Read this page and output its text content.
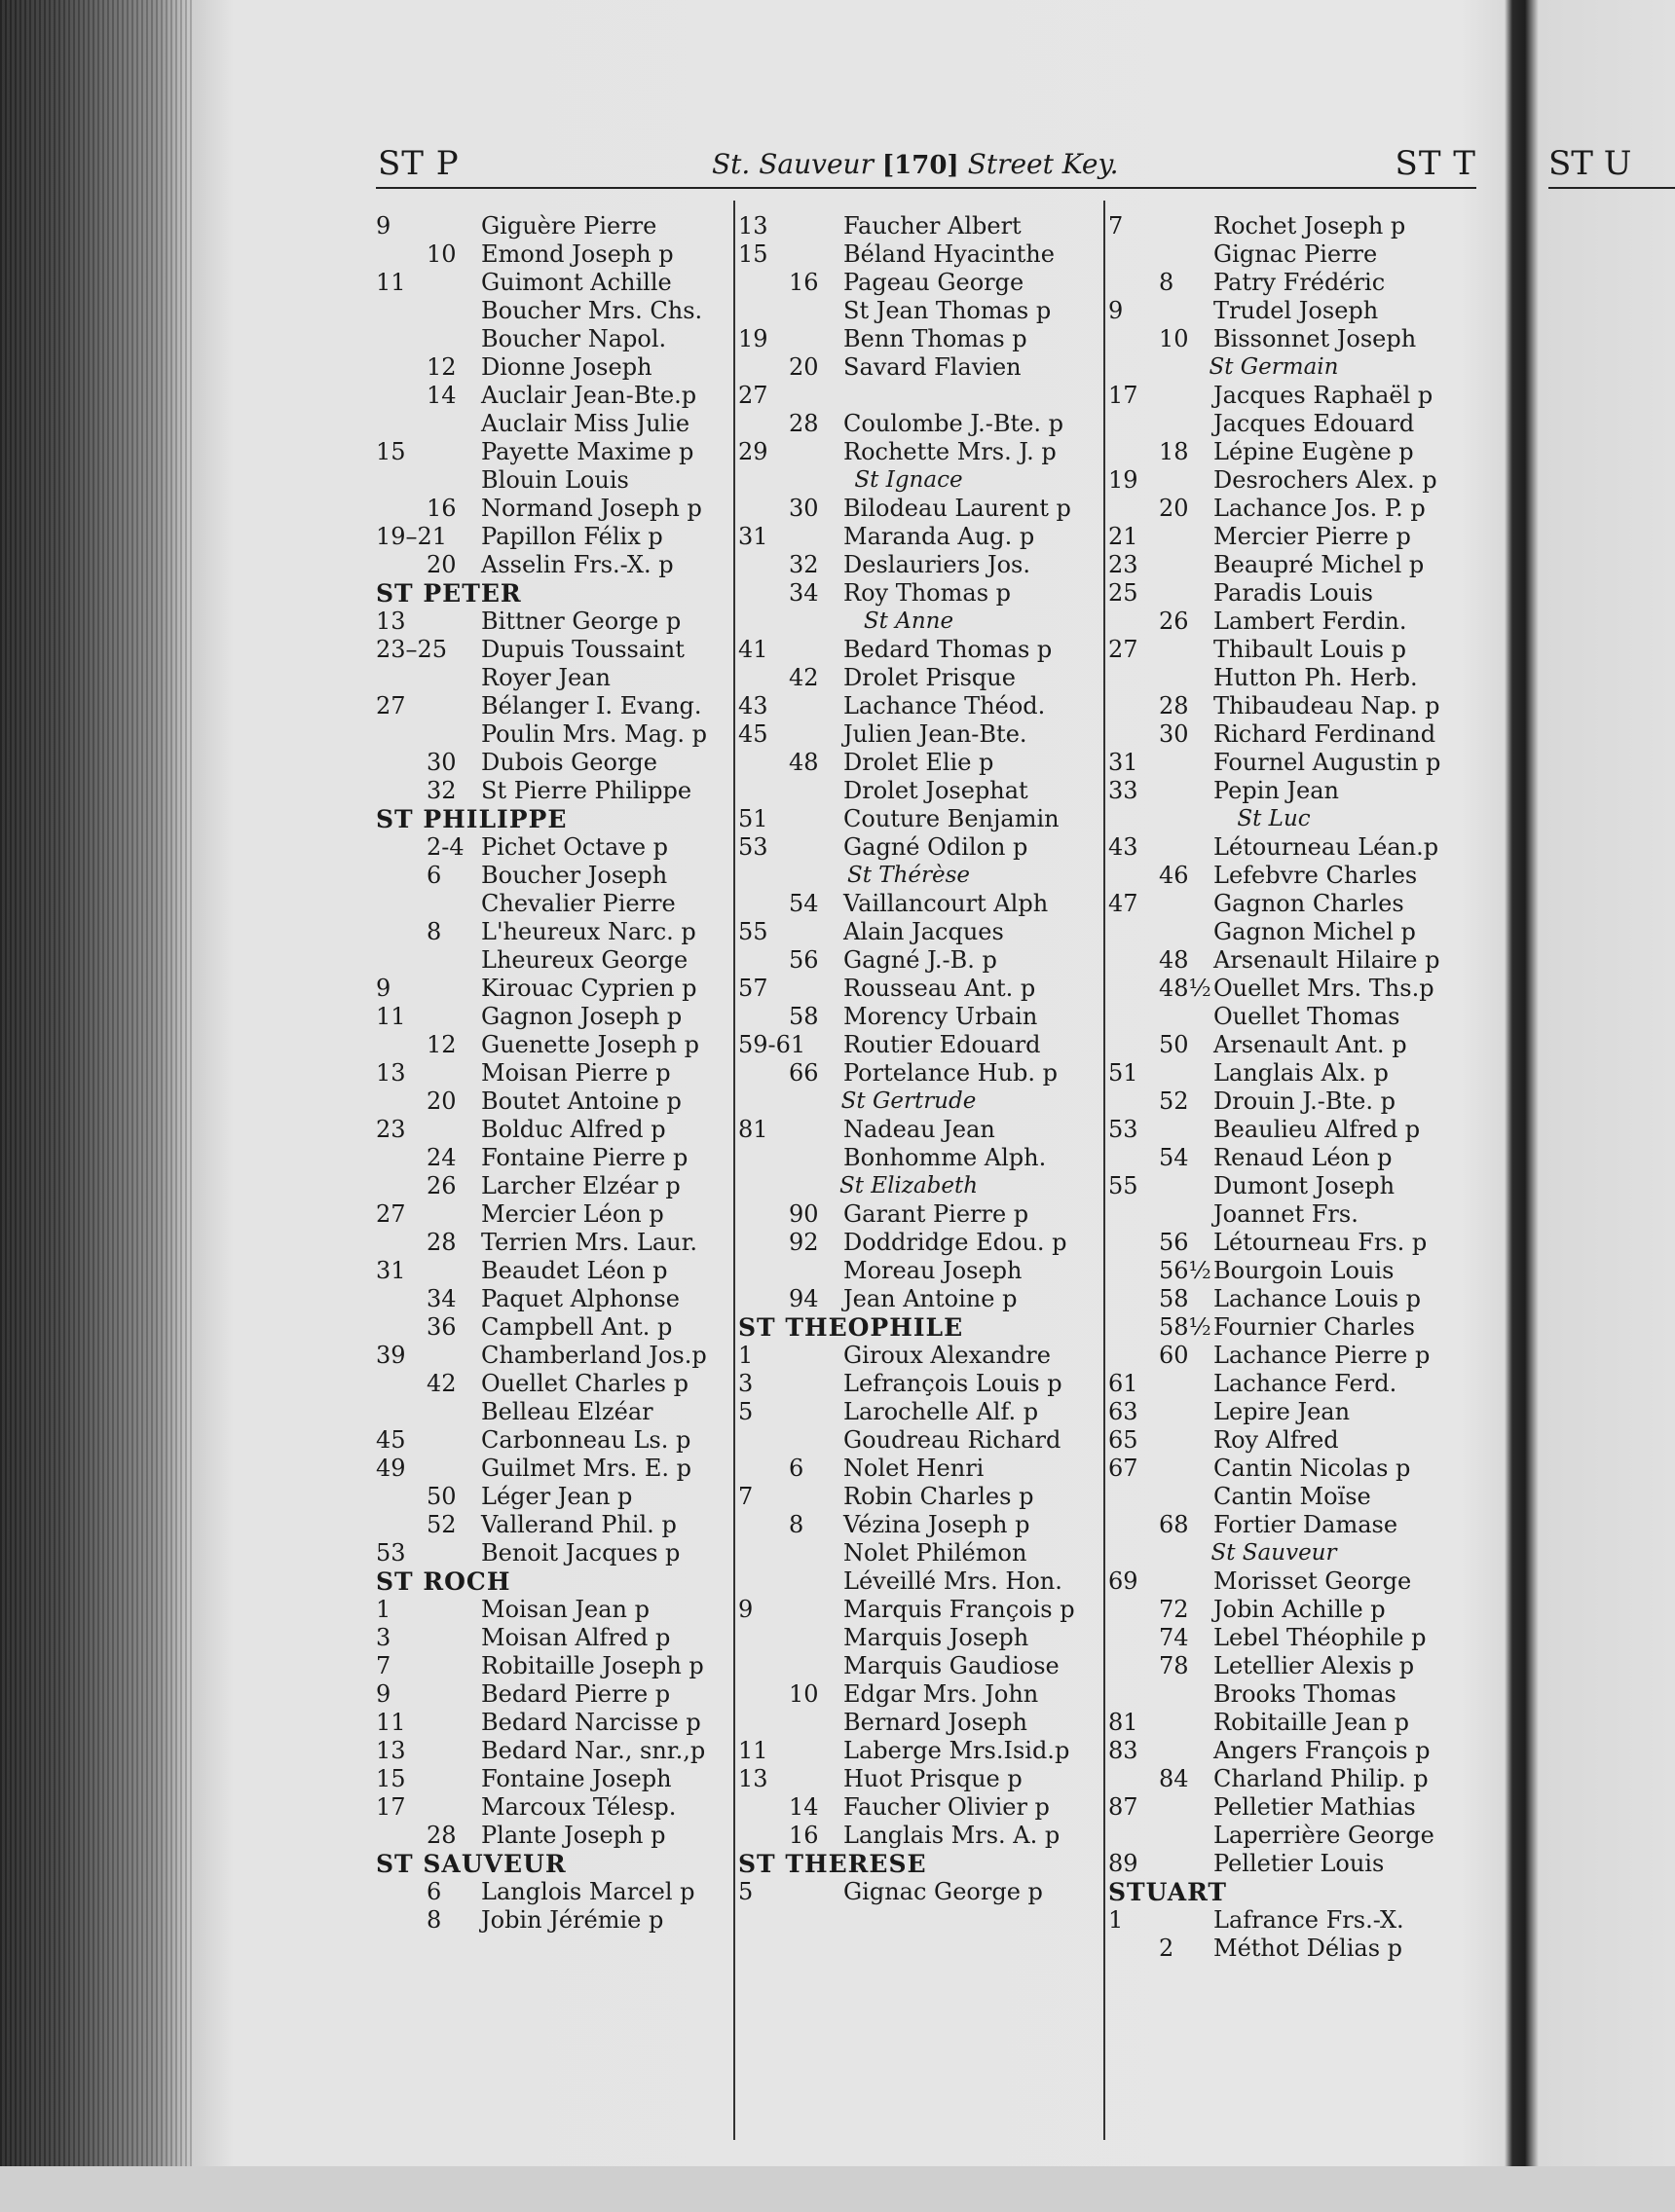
ST P	St. Sauveur [170] Street Key.	ST T
9	Giguère Pierre
10 Emond Joseph p
11	Guimont Achille
Boucher Mrs. Chs.
Boucher Napol.
12 Dionne Joseph
14 Auclair Jean-Bte.p
Auclair Miss Julie
15	Payette Maxime p
Blouin Louis
16 Normand Joseph p
19–21 Papillon Félix p
20 Asselin Frs.-X. p
ST PETER
13	Bittner George p
23–25 Dupuis Toussaint
Royer Jean
27	Bélanger I. Evang.
Poulin Mrs. Mag. p
30 Dubois George
32 St Pierre Philippe
ST PHILIPPE
2-4 Pichet Octave p
6 Boucher Joseph
Chevalier Pierre
8 L'heureux Narc. p
Lheureux George
9	Kirouac Cyprien p
11	Gagnon Joseph p
12 Guenette Joseph p
13	Moisan Pierre p
20 Boutet Antoine p
23	Bolduc Alfred p
24 Fontaine Pierre p
26 Larcher Elzéar p
27	Mercier Léon p
28 Terrien Mrs. Laur.
31	Beaudet Léon p
34 Paquet Alphonse
36 Campbell Ant. p
39	Chamberland Jos.p
42 Ouellet Charles p
Belleau Elzéar
45	Carbonneau Ls. p
49	Guilmet Mrs. E. p
50 Léger Jean p
52 Vallerand Phil. p
53	Benoit Jacques p
ST ROCH
1	Moisan Jean p
3	Moisan Alfred p
7	Robitaille Joseph p
9	Bedard Pierre p
11	Bedard Narcisse p
13	Bedard Nar., snr.,p
15	Fontaine Joseph
17	Marcoux Télesp.
28 Plante Joseph p
ST SAUVEUR
6 Langlois Marcel p
8 Jobin Jérémie p
13	Faucher Albert
15	Béland Hyacinthe
16 Pageau George
St Jean Thomas p
19	Benn Thomas p
20 Savard Flavien
27
28 Coulombe J.-Bte. p
29	Rochette Mrs. J. p
St Ignace
30 Bilodeau Laurent p
31	Maranda Aug. p
32 Deslauriers Jos.
34 Roy Thomas p
St Anne
41	Bedard Thomas p
42 Drolet Prisque
43	Lachance Théod.
45	Julien Jean-Bte.
48 Drolet Elie p
Drolet Josephat
51	Couture Benjamin
53	Gagné Odilon p
St Thérèse
54 Vaillancourt Alph
55	Alain Jacques
56 Gagné J.-B. p
57	Rousseau Ant. p
58 Morency Urbain
59-61 Routier Edouard
66 Portelance Hub. p
St Gertrude
81	Nadeau Jean
Bonhomme Alph.
St Elizabeth
90 Garant Pierre p
92 Doddridge Edou. p
Moreau Joseph
94 Jean Antoine p
ST THEOPHILE
1	Giroux Alexandre
3	Lefrançois Louis p
5	Larochelle Alf. p
Goudreau Richard
6 Nolet Henri
7	Robin Charles p
8 Vézina Joseph p
Nolet Philémon
Léveillé Mrs. Hon.
9	Marquis François p
Marquis Joseph
Marquis Gaudiose
10 Edgar Mrs. John
Bernard Joseph
11	Laberge Mrs.Isid.p
13	Huot Prisque p
14 Faucher Olivier p
16 Langlais Mrs. A. p
ST THERESE
5	Gignac George p
7	Rochet Joseph p
Gignac Pierre
8 Patry Frédéric
9	Trudel Joseph
10 Bissonnet Joseph
St Germain
17	Jacques Raphaël p
Jacques Edouard
18 Lépine Eugène p
19	Desrochers Alex. p
20 Lachance Jos. P. p
21	Mercier Pierre p
23	Beaupré Michel p
25	Paradis Louis
26 Lambert Ferdin.
27	Thibault Louis p
Hutton Ph. Herb.
28 Thibaudeau Nap. p
30 Richard Ferdinand
31	Fournel Augustin p
33	Pepin Jean
St Luc
43	Létourneau Léan.p
46 Lefebvre Charles
47	Gagnon Charles
Gagnon Michel p
48 Arsenault Hilaire p
48½ Ouellet Mrs. Ths.p
Ouellet Thomas
50 Arsenault Ant. p
51	Langlais Alx. p
52 Drouin J.-Bte. p
53	Beaulieu Alfred p
54 Renaud Léon p
55	Dumont Joseph
Joannet Frs.
56 Létourneau Frs. p
56½ Bourgoin Louis
58 Lachance Louis p
58½ Fournier Charles
60 Lachance Pierre p
61	Lachance Ferd.
63	Lepire Jean
65	Roy Alfred
67	Cantin Nicolas p
Cantin Moïse
68 Fortier Damase
St Sauveur
69	Morisset George
72 Jobin Achille p
74 Lebel Théophile p
78 Letellier Alexis p
Brooks Thomas
81	Robitaille Jean p
83	Angers François p
84 Charland Philip. p
87	Pelletier Mathias
Laperrière George
89	Pelletier Louis
STUART
1	Lafrance Frs.-X.
2 Méthot Délias p
ST U
